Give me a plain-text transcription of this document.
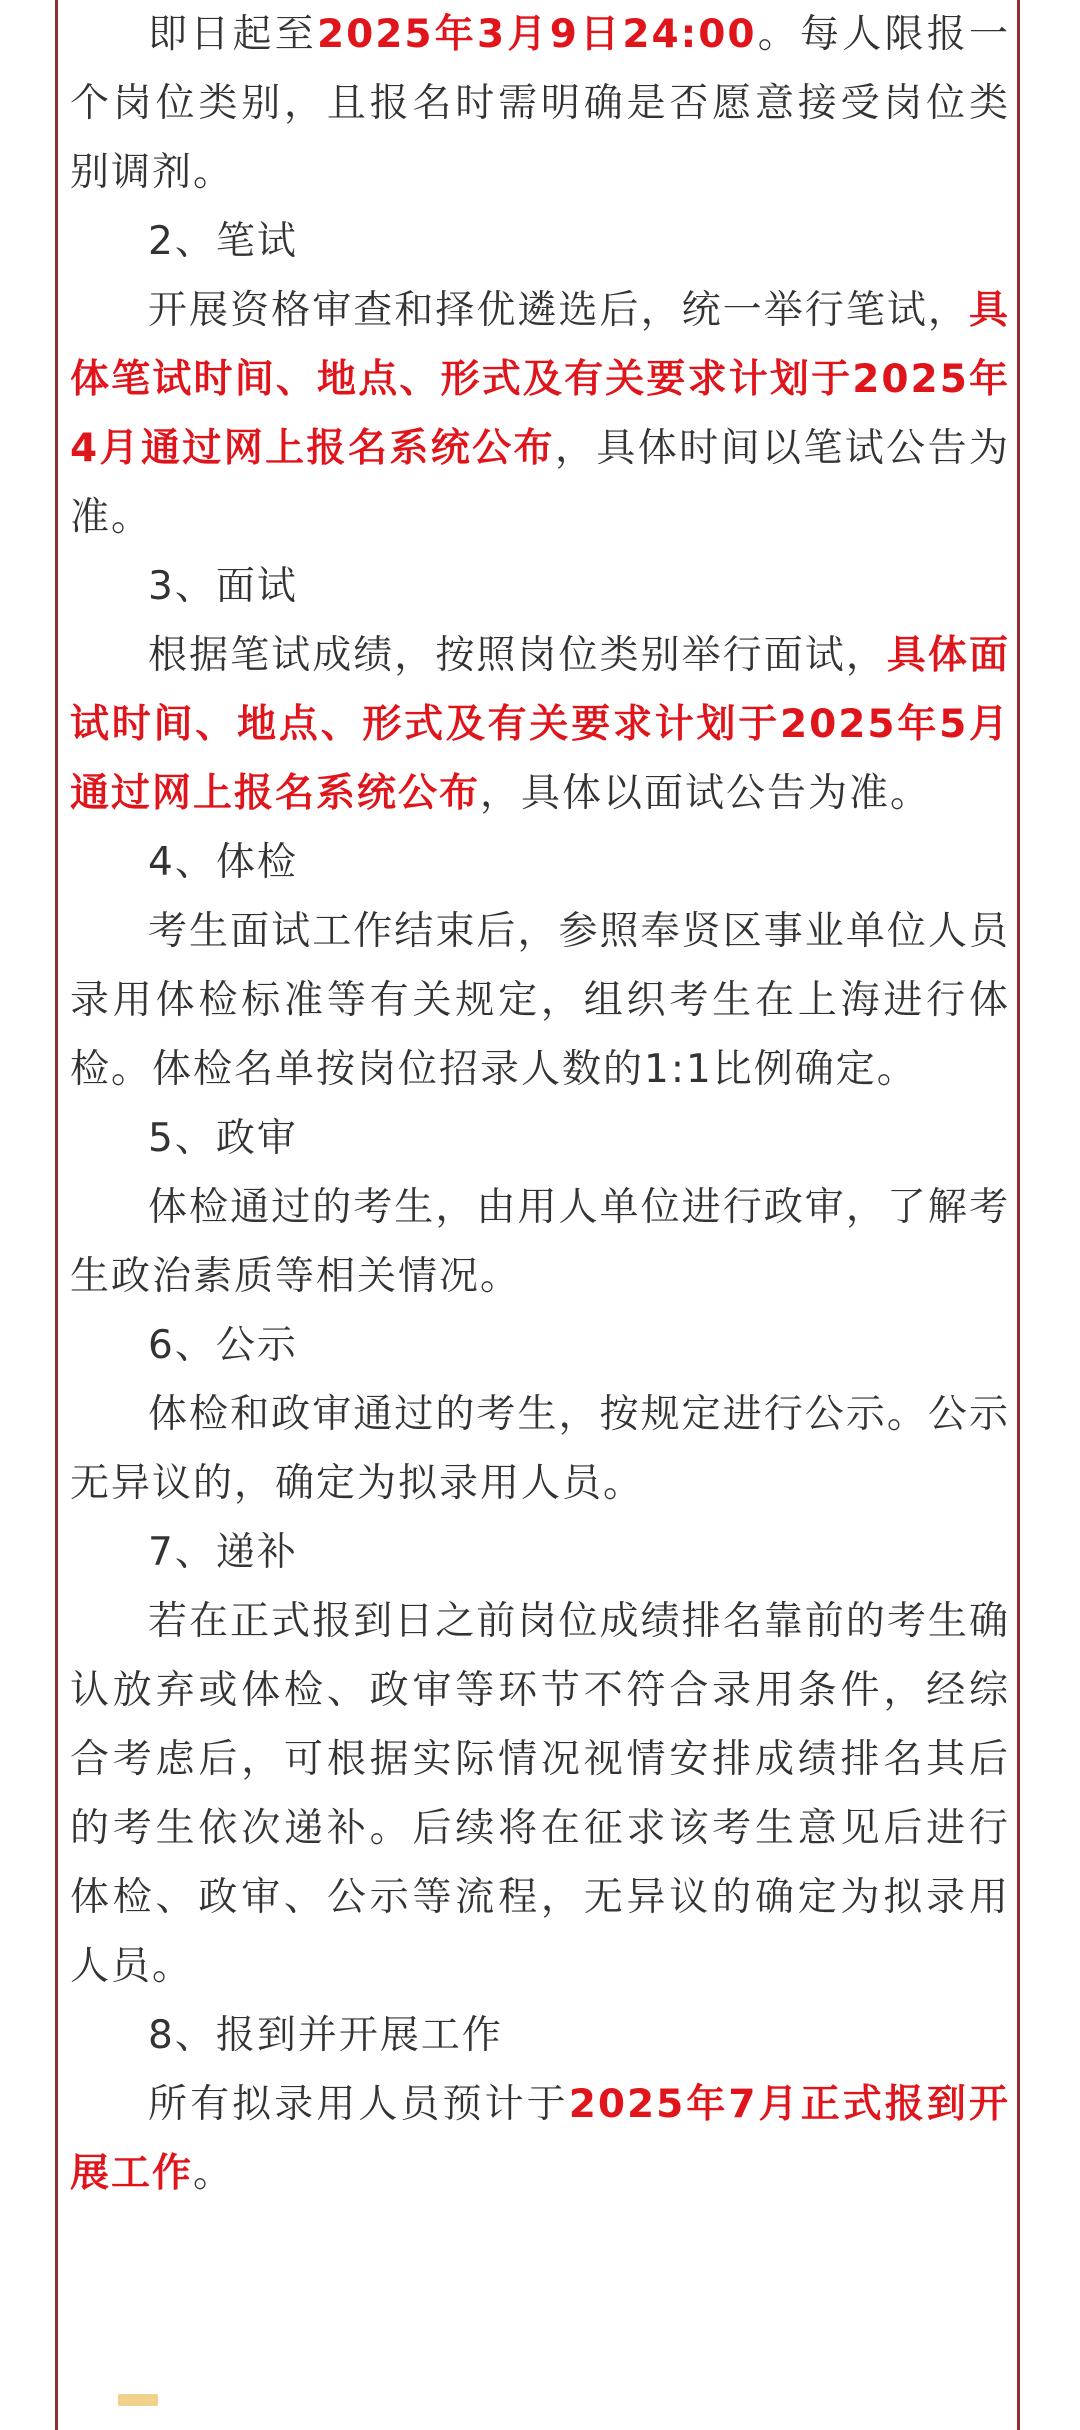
即日起至2025年3月9日24:00。每人限报一个岗位类别，且报名时需明确是否愿意接受岗位类别调剂。

2、笔试

开展资格审查和择优遴选后，统一举行笔试，具体笔试时间、地点、形式及有关要求计划于2025年4月通过网上报名系统公布，具体时间以笔试公告为准。

3、面试

根据笔试成绩，按照岗位类别举行面试，具体面试时间、地点、形式及有关要求计划于2025年5月通过网上报名系统公布，具体以面试公告为准。

4、体检

考生面试工作结束后，参照奉贤区事业单位人员录用体检标准等有关规定，组织考生在上海进行体检。体检名单按岗位招录人数的1:1比例确定。

5、政审

体检通过的考生，由用人单位进行政审，了解考生政治素质等相关情况。

6、公示

体检和政审通过的考生，按规定进行公示。公示无异议的，确定为拟录用人员。

7、递补

若在正式报到日之前岗位成绩排名靠前的考生确认放弃或体检、政审等环节不符合录用条件，经综合考虑后，可根据实际情况视情安排成绩排名其后的考生依次递补。后续将在征求该考生意见后进行体检、政审、公示等流程，无异议的确定为拟录用人员。

8、报到并开展工作

所有拟录用人员预计于2025年7月正式报到开展工作。
